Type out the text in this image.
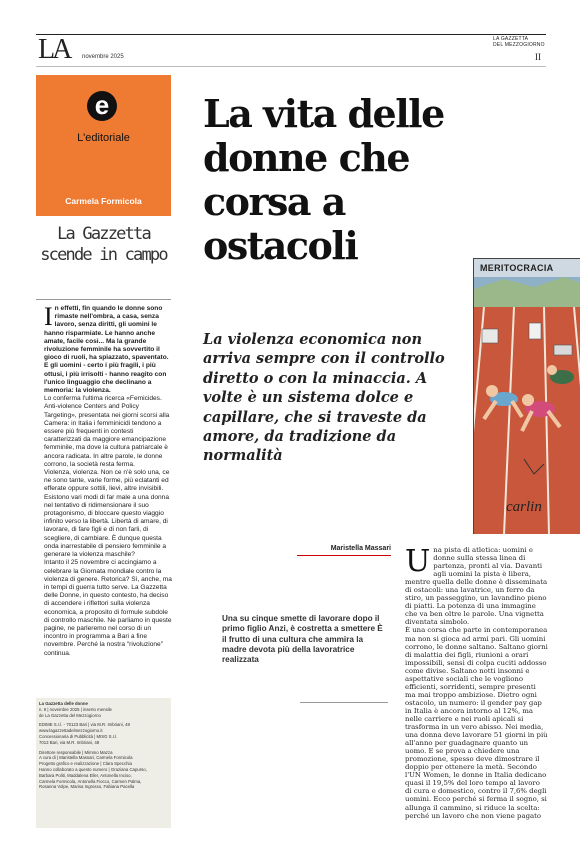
LA novembre 2025
LA GAZZETTA
DEL MEZZOGIORNO
II
e
L'editoriale
Carmela Formicola
La Gazzetta scende in campo
I n effetti, fin quando le donne sono rimaste nell'ombra, a casa, senza lavoro, senza diritti, gli uomini le hanno risparmiate. Le hanno anche amate, facile così... Ma la grande rivoluzione femminile ha sovvertito il gioco di ruoli, ha spiazzato, spaventato. E gli uomini - certo i più fragili, i più ottusi, i più irrisolti - hanno reagito con l'unico linguaggio che declinano a memoria: la violenza.

Lo conferma l'ultima ricerca «Femicides. Anti-violence Centers and Policy Targeting», presentata nei giorni scorsi alla Camera: in Italia i femminicidi tendono a essere più frequenti in contesti caratterizzati da maggiore emancipazione femminile, ma dove la cultura patriarcale è ancora radicata. In altre parole, le donne corrono, la società resta ferma.

Violenza, violenza. Non ce n'è solo una, ce ne sono tante, varie forme, più eclatanti ed efferate oppure sottili, lievi, altre invisibili. Esistono vari modi di far male a una donna nel tentativo di ridimensionare il suo protagonismo, di bloccare questo viaggio infinito verso la libertà. Libertà di amare, di lavorare, di fare figli e di non farli, di scegliere, di cambiare. È dunque questa onda inarrestabile di pensiero femminile a generare la violenza maschile?

Intanto il 25 novembre ci accingiamo a celebrare la Giornata mondiale contro la violenza di genere. Retorica? Sì, anche, ma in tempi di guerra tutto serve. La Gazzetta delle Donne, in questo contesto, ha deciso di accendere i riflettori sulla violenza economica, a proposito di formule subdole di controllo maschile. Ne parliamo in queste pagine, ne parleremo nel corso di un incontro in programma a Bari a fine novembre. Perché la nostra "rivoluzione" continua.

La Gazzetta delle donne
n. 9 | novembre 2025 | inserto mensile
de La Gazzetta del Mezzogiorno
EDIME S.r.l. - 70123 Bari | via M.R. Imbriani, 48
www.lagazzettadelmezzogiorno.it
Concessionaria di Pubblicità | MISG S.r.l.
7013 Bari, via M.R. Imbriani, 48
Direttore responsabile | Mimmo Mazza
A cura di | Maristella Massari, Carmela Formicola
Progetto grafico e realizzazione | Clara Specchia
Hanno collaborato a questo numero | Graziana Capurso,
Barbara Politi, Maddalena Eller, Antonella Inciso,
Carmela Formicola, Antonella Fiocco, Carmen Palma,
Rosanna Volpe, Marisa Ingrosso, Fabiana Pacella
La vita delle donne che corsa a ostacoli

La violenza economica non arriva sempre con il controllo diretto o con la minaccia. A volte è un sistema dolce e capillare, che si traveste da amore, da tradizione da normalità

MERITOCRACIA
carlin
Maristella Massari
Una su cinque smette di lavorare dopo il primo figlio Anzi, è costretta a smettere È il frutto di una cultura che ammira la madre devota più della lavoratrice realizzata
U na pista di atletica: uomini e donne sulla stessa linea di partenza, pronti al via. Davanti agli uomini la pista è libera, mentre quella delle donne è disseminata di ostacoli: una lavatrice, un ferro da stiro, un passeggino, un lavandino pieno di piatti. La potenza di una immagine che va ben oltre le parole. Una vignetta diventata simbolo.

È una corsa che parte in contemporanea ma non si gioca ad armi pari. Gli uomini corrono, le donne saltano. Saltano giorni di malattia dei figli, riunioni a orari impossibili, sensi di colpa cuciti addosso come divise. Saltano notti insonni e aspettative sociali che le vogliono efficienti, sorridenti, sempre presenti ma mai troppo ambiziose. Dietro ogni ostacolo, un numero: il gender pay gap in Italia è ancora intorno al 12%, ma nelle carriere e nei ruoli apicali si trasforma in un vero abisso. Nei media, una donna deve lavorare 51 giorni in più all'anno per guadagnare quanto un uomo. E se prova a chiedere una promozione, spesso deve dimostrare il doppio per ottenere la metà. Secondo l'UN Women, le donne in Italia dedicano quasi il 19,5% del loro tempo al lavoro di cura e domestico, contro il 7,6% degli uomini. Ecco perché si ferma il sogno, si allunga il cammino, si riduce la scelta: perché un lavoro che non viene pagato
